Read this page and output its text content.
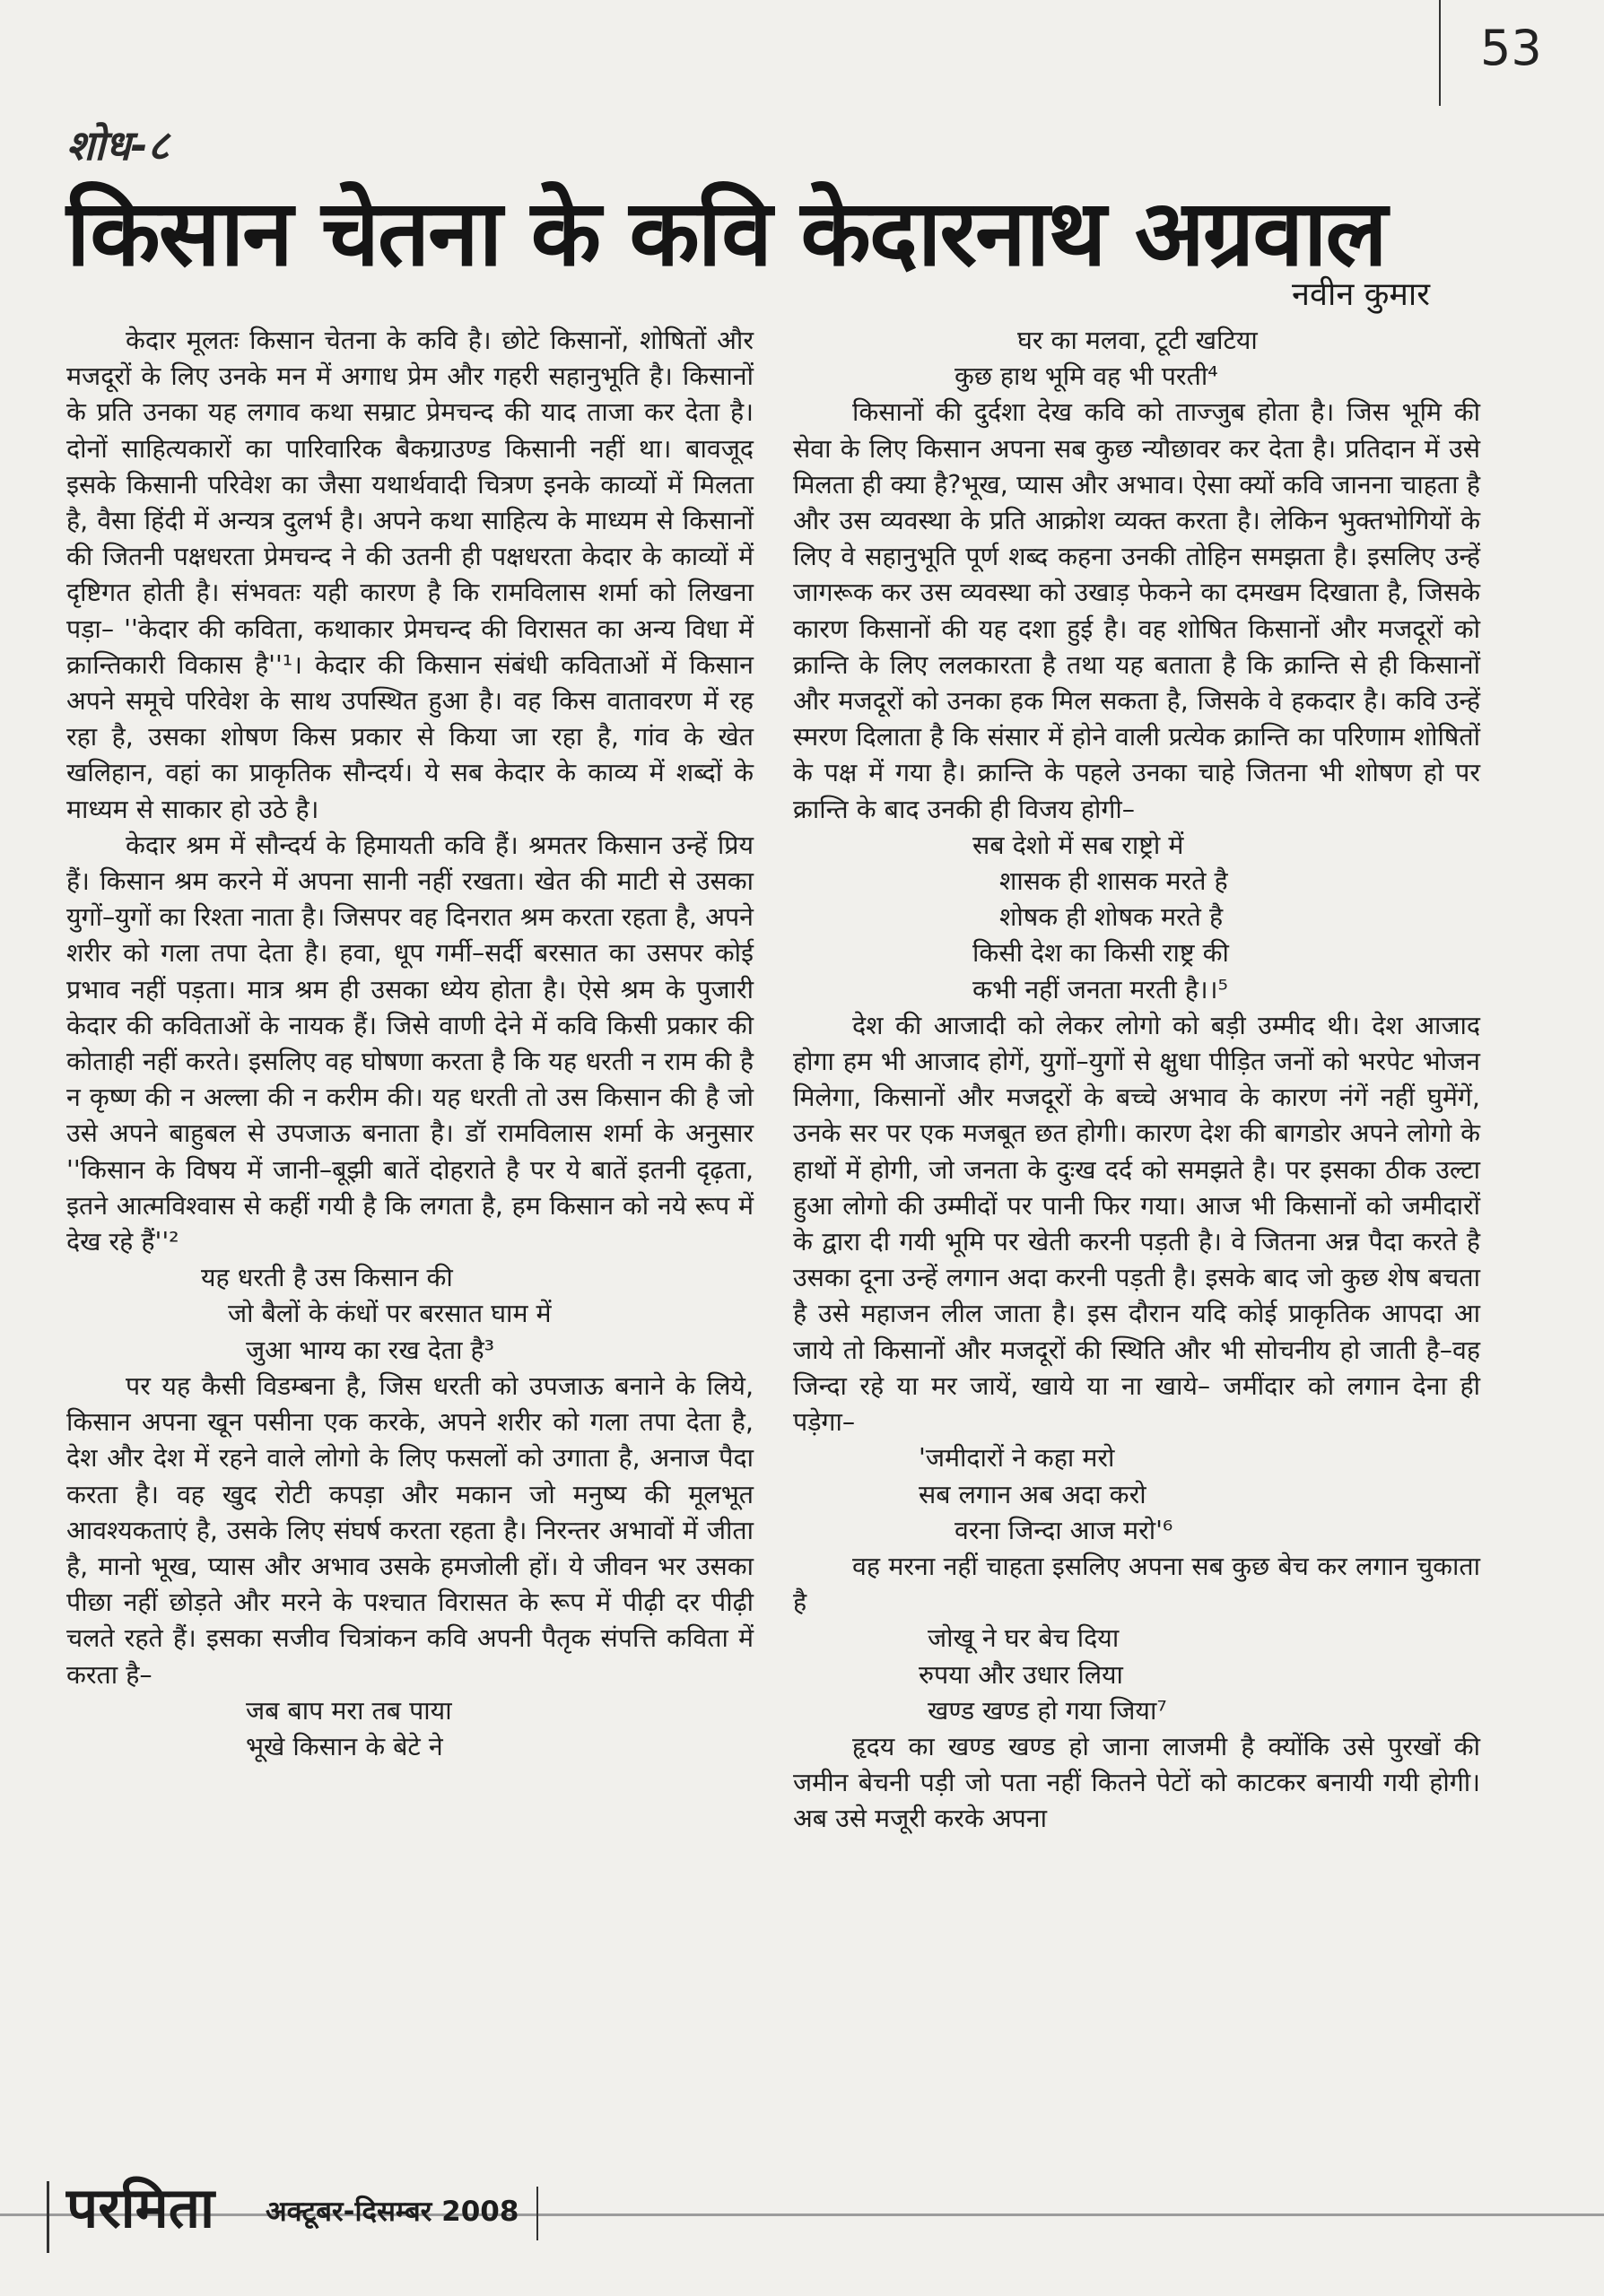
53
शोध-८
किसान चेतना के कवि केदारनाथ अग्रवाल
नवीन कुमार

केदार मूलतः किसान चेतना के कवि है। छोटे किसानों, शोषितों और मजदूरों के लिए उनके मन में अगाध प्रेम और गहरी सहानुभूति है। किसानों के प्रति उनका यह लगाव कथा सम्राट प्रेमचन्द की याद ताजा कर देता है। दोनों साहित्यकारों का पारिवारिक बैकग्राउण्ड किसानी नहीं था। बावजूद इसके किसानी परिवेश का जैसा यथार्थवादी चित्रण इनके काव्यों में मिलता है, वैसा हिंदी में अन्यत्र दुलर्भ है। अपने कथा साहित्य के माध्यम से किसानों की जितनी पक्षधरता प्रेमचन्द ने की उतनी ही पक्षधरता केदार के काव्यों में दृष्टिगत होती है। संभवतः यही कारण है कि रामविलास शर्मा को लिखना पड़ा– ''केदार की कविता, कथाकार प्रेमचन्द की विरासत का अन्य विधा में क्रान्तिकारी विकास है''¹। केदार की किसान संबंधी कविताओं में किसान अपने समूचे परिवेश के साथ उपस्थित हुआ है। वह किस वातावरण में रह रहा है, उसका शोषण किस प्रकार से किया जा रहा है, गांव के खेत खलिहान, वहां का प्राकृतिक सौन्दर्य। ये सब केदार के काव्य में शब्दों के माध्यम से साकार हो उठे है।

केदार श्रम में सौन्दर्य के हिमायती कवि हैं। श्रमतर किसान उन्हें प्रिय हैं। किसान श्रम करने में अपना सानी नहीं रखता। खेत की माटी से उसका युगों–युगों का रिश्ता नाता है। जिसपर वह दिनरात श्रम करता रहता है, अपने शरीर को गला तपा देता है। हवा, धूप गर्मी–सर्दी बरसात का उसपर कोई प्रभाव नहीं पड़ता। मात्र श्रम ही उसका ध्येय होता है। ऐसे श्रम के पुजारी केदार की कविताओं के नायक हैं। जिसे वाणी देने में कवि किसी प्रकार की कोताही नहीं करते। इसलिए वह घोषणा करता है कि यह धरती न राम की है न कृष्ण की न अल्ला की न करीम की। यह धरती तो उस किसान की है जो उसे अपने बाहुबल से उपजाऊ बनाता है। डॉ रामविलास शर्मा के अनुसार ''किसान के विषय में जानी–बूझी बातें दोहराते है पर ये बातें इतनी दृढ़ता, इतने आत्मविश्वास से कहीं गयी है कि लगता है, हम किसान को नये रूप में देख रहे हैं''²

यह धरती है उस किसान की
जो बैलों के कंधों पर बरसात घाम में
जुआ भाग्य का रख देता है³

पर यह कैसी विडम्बना है, जिस धरती को उपजाऊ बनाने के लिये, किसान अपना खून पसीना एक करके, अपने शरीर को गला तपा देता है, देश और देश में रहने वाले लोगो के लिए फसलों को उगाता है, अनाज पैदा करता है। वह खुद रोटी कपड़ा और मकान जो मनुष्य की मूलभूत आवश्यकताएं है, उसके लिए संघर्ष करता रहता है। निरन्तर अभावों में जीता है, मानो भूख, प्यास और अभाव उसके हमजोली हों। ये जीवन भर उसका पीछा नहीं छोड़ते और मरने के पश्चात विरासत के रूप में पीढ़ी दर पीढ़ी चलते रहते हैं। इसका सजीव चित्रांकन कवि अपनी पैतृक संपत्ति कविता में करता है–

जब बाप मरा तब पाया
भूखे किसान के बेटे ने
घर का मलवा, टूटी खटिया
कुछ हाथ भूमि वह भी परती⁴

किसानों की दुर्दशा देख कवि को ताज्जुब होता है। जिस भूमि की सेवा के लिए किसान अपना सब कुछ न्यौछावर कर देता है। प्रतिदान में उसे मिलता ही क्या है?भूख, प्यास और अभाव। ऐसा क्यों कवि जानना चाहता है और उस व्यवस्था के प्रति आक्रोश व्यक्त करता है। लेकिन भुक्तभोगियों के लिए वे सहानुभूति पूर्ण शब्द कहना उनकी तोहिन समझता है। इसलिए उन्हें जागरूक कर उस व्यवस्था को उखाड़ फेकने का दमखम दिखाता है, जिसके कारण किसानों की यह दशा हुई है। वह शोषित किसानों और मजदूरों को क्रान्ति के लिए ललकारता है तथा यह बताता है कि क्रान्ति से ही किसानों और मजदूरों को उनका हक मिल सकता है, जिसके वे हकदार है। कवि उन्हें स्मरण दिलाता है कि संसार में होने वाली प्रत्येक क्रान्ति का परिणाम शोषितों के पक्ष में गया है। क्रान्ति के पहले उनका चाहे जितना भी शोषण हो पर क्रान्ति के बाद उनकी ही विजय होगी–

सब देशो में सब राष्ट्रो में
शासक ही शासक मरते है
शोषक ही शोषक मरते है
किसी देश का किसी राष्ट्र की
कभी नहीं जनता मरती है।।⁵

देश की आजादी को लेकर लोगो को बड़ी उम्मीद थी। देश आजाद होगा हम भी आजाद होगें, युगों–युगों से क्षुधा पीड़ित जनों को भरपेट भोजन मिलेगा, किसानों और मजदूरों के बच्चे अभाव के कारण नंगें नहीं घुमेंगें, उनके सर पर एक मजबूत छत होगी। कारण देश की बागडोर अपने लोगो के हाथों में होगी, जो जनता के दुःख दर्द को समझते है। पर इसका ठीक उल्टा हुआ लोगो की उम्मीदों पर पानी फिर गया। आज भी किसानों को जमीदारों के द्वारा दी गयी भूमि पर खेती करनी पड़ती है। वे जितना अन्न पैदा करते है उसका दूना उन्हें लगान अदा करनी पड़ती है। इसके बाद जो कुछ शेष बचता है उसे महाजन लील जाता है। इस दौरान यदि कोई प्राकृतिक आपदा आ जाये तो किसानों और मजदूरों की स्थिति और भी सोचनीय हो जाती है–वह जिन्दा रहे या मर जायें, खाये या ना खाये– जमींदार को लगान देना ही पड़ेगा–

'जमीदारों ने कहा मरो
सब लगान अब अदा करो
वरना जिन्दा आज मरो'⁶

वह मरना नहीं चाहता इसलिए अपना सब कुछ बेच कर लगान चुकाता है

जोखू ने घर बेच दिया
रुपया और उधार लिया
खण्ड खण्ड हो गया जिया⁷

हृदय का खण्ड खण्ड हो जाना लाजमी है क्योंकि उसे पुरखों की जमीन बेचनी पड़ी जो पता नहीं कितने पेटों को काटकर बनायी गयी होगी। अब उसे मजूरी करके अपना

परमिता अक्टूबर-दिसम्बर 2008
